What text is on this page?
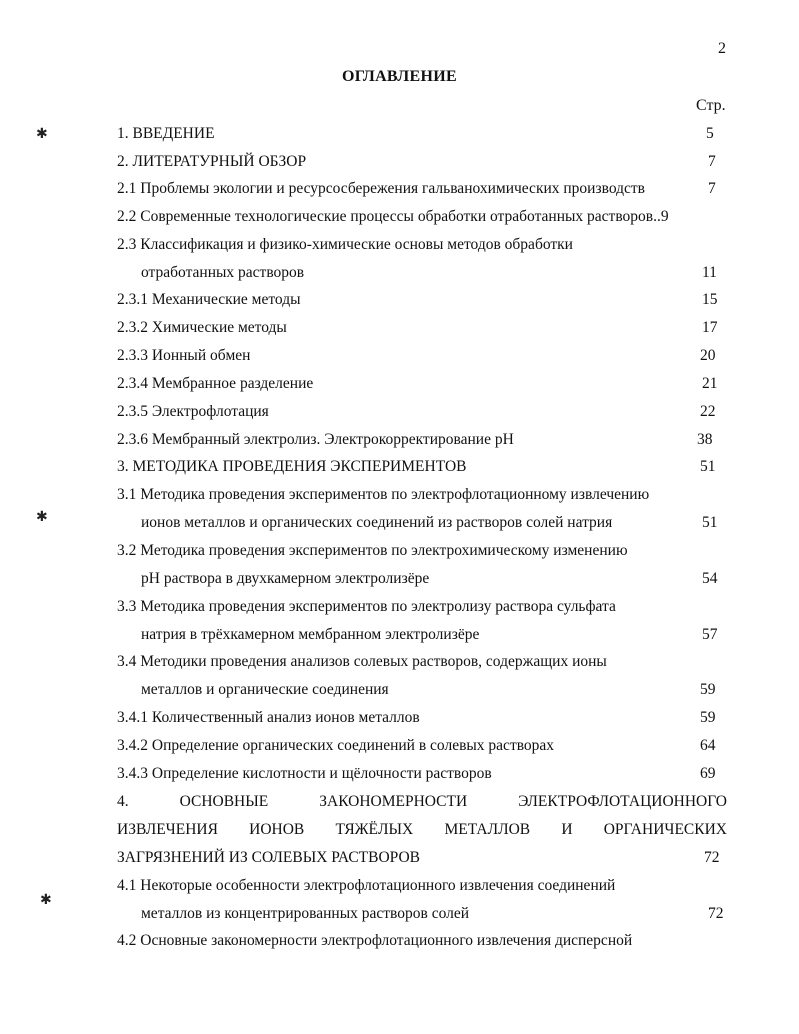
2
ОГЛАВЛЕНИЕ
Стр.
1. ВВЕДЕНИЕ	5
2. ЛИТЕРАТУРНЫЙ ОБЗОР	7
2.1 Проблемы экологии и ресурсосбережения гальванохимических производств	7
2.2 Современные технологические процессы обработки отработанных растворов..9
2.3 Классификация и физико-химические основы методов обработки
отработанных растворов	11
2.3.1 Механические методы	15
2.3.2 Химические методы	17
2.3.3 Ионный обмен	20
2.3.4 Мембранное разделение	21
2.3.5 Электрофлотация	22
2.3.6 Мембранный электролиз. Электрокорректирование pH	38
3. МЕТОДИКА ПРОВЕДЕНИЯ ЭКСПЕРИМЕНТОВ	51
3.1 Методика проведения экспериментов по электрофлотационному извлечению
ионов металлов и органических соединений из растворов солей натрия	51
3.2 Методика проведения экспериментов по электрохимическому изменению
pH раствора в двухкамерном электролизёре	54
3.3 Методика проведения экспериментов по электролизу раствора сульфата
натрия в трёхкамерном мембранном электролизёре	57
3.4 Методики проведения анализов солевых растворов, содержащих ионы
металлов и органические соединения	59
3.4.1 Количественный анализ ионов металлов	59
3.4.2 Определение органических соединений в солевых растворах	64
3.4.3 Определение кислотности и щёлочности растворов	69
4. ОСНОВНЫЕ ЗАКОНОМЕРНОСТИ ЭЛЕКТРОФЛОТАЦИОННОГО
ИЗВЛЕЧЕНИЯ ИОНОВ ТЯЖЁЛЫХ МЕТАЛЛОВ И ОРГАНИЧЕСКИХ
ЗАГРЯЗНЕНИЙ ИЗ СОЛЕВЫХ РАСТВОРОВ	72
4.1 Некоторые особенности электрофлотационного извлечения соединений
металлов из концентрированных растворов солей	72
4.2 Основные закономерности электрофлотационного извлечения дисперсной
✱
✱
✱
